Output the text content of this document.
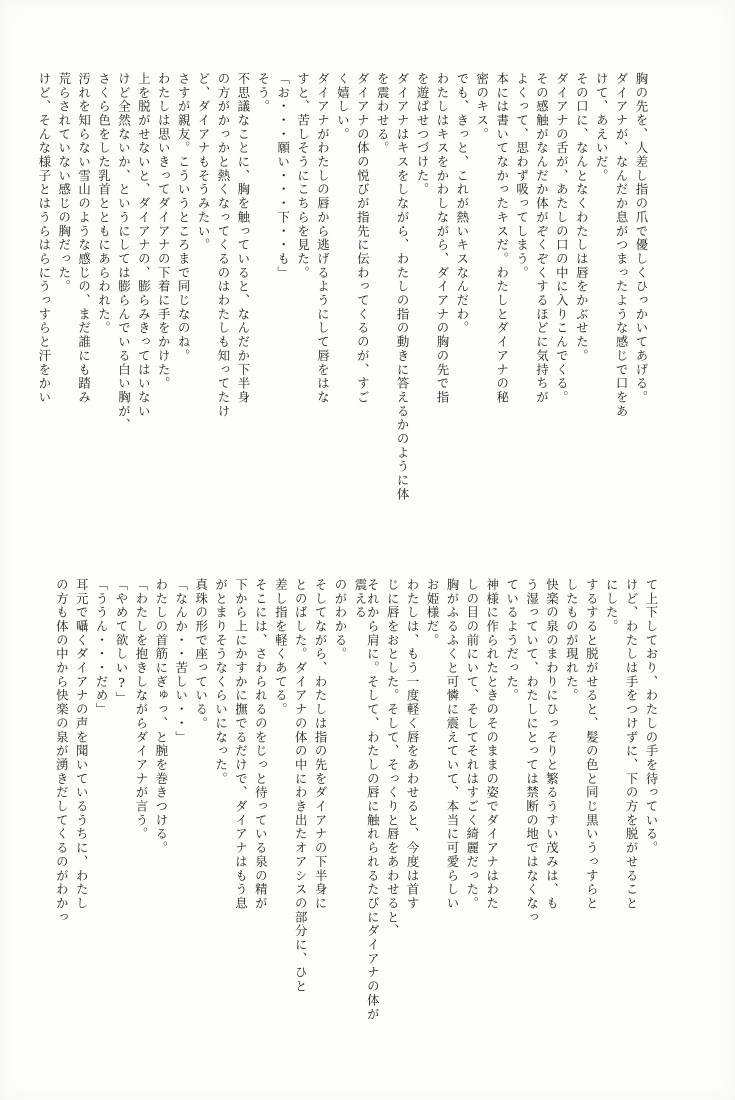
胸の先を、人差し指の爪で優しくひっかいてあげる。
ダイアナが、なんだか息がつまったような感じで口をあ
けて、あえいだ。
その口に、なんとなくわたしは唇をかぶせた。
ダイアナの舌が、あたしの口の中に入りこんでくる。
その感触がなんだか体がぞくぞくするほどに気持ちが
よくって、思わず吸ってしまう。
本には書いてなかったキスだ。わたしとダイアナの秘
密のキス。
でも、きっと、これが熱いキスなんだわ。
わたしはキスをかわしながら、ダイアナの胸の先で指
を遊ばせつづけた。
ダイアナはキスをしながら、わたしの指の動きに答えるかのように体
を震わせる。
ダイアナの体の悦びが指先に伝わってくるのが、すご
く嬉しい。
ダイアナがわたしの唇から逃げるようにして唇をはな
すと、苦しそうにこちらを見た。
「お・・・願い・・・下・・も」
そう。
不思議なことに、胸を触っていると、なんだか下半身
の方がかっかと熱くなってくるのはわたしも知ってたけ
ど、ダイアナもそうみたい。
さすが親友。こういうところまで同じなのね。
わたしは思いきってダイアナの下着に手をかけた。
上を脱がせないと、ダイアナの、膨らみきってはいない
けど全然ないか、というにしては膨らんでいる白い胸が、
さくら色をした乳首とともにあらわれた。
汚れを知らない雪山のような感じの、まだ誰にも踏み
荒らされていない感じの胸だった。
けど、そんな様子とはうらはらにうっすらと汗をかい
て上下しており、わたしの手を待っている。
けど、わたしは手をつけずに、下の方を脱がせること
にした。
するすると脱がせると、髪の色と同じ黒いうっすらと
したものが現れた。
快楽の泉のまわりにひっそりと繁るうすい茂みは、も
う湿っていて、わたしにとっては禁断の地ではなくなっ
ているようだった。
神様に作られたときのそのままの姿でダイアナはわた
しの目の前にいて、そしてそれはすごく綺麗だった。
胸がふるふくと可憐に震えていて、本当に可愛らしい
お姫様だ。
わたしは、もう一度軽く唇をあわせると、今度は首す
じに唇をおとした。そして、そっくりと唇をあわせると、
それから肩に。そして、わたしの唇に触れられるたびにダイアナの体が震える
のがわかる。
そしてながら、わたしは指の先をダイアナの下半身に
とのばした。ダイアナの体の中にわき出たオアシスの部分に、ひと
差し指を軽くあてる。
そこには、さわられるのをじっと待っている泉の精が
下から上にかすかに撫でるだけで、ダイアナはもう息
がとまりそうなくらいになった。
真珠の形で座っている。
「なんか・・苦しい・・」
わたしの首筋にぎゅっ、と腕を巻きつける。
「わたしを抱きしながらダイアナが言う。
「やめて欲しい?」
「ううん・・・だめ」
耳元で囁くダイアナの声を聞いているうちに、わたし
の方も体の中から快楽の泉が湧きだしてくるのがわかっ
